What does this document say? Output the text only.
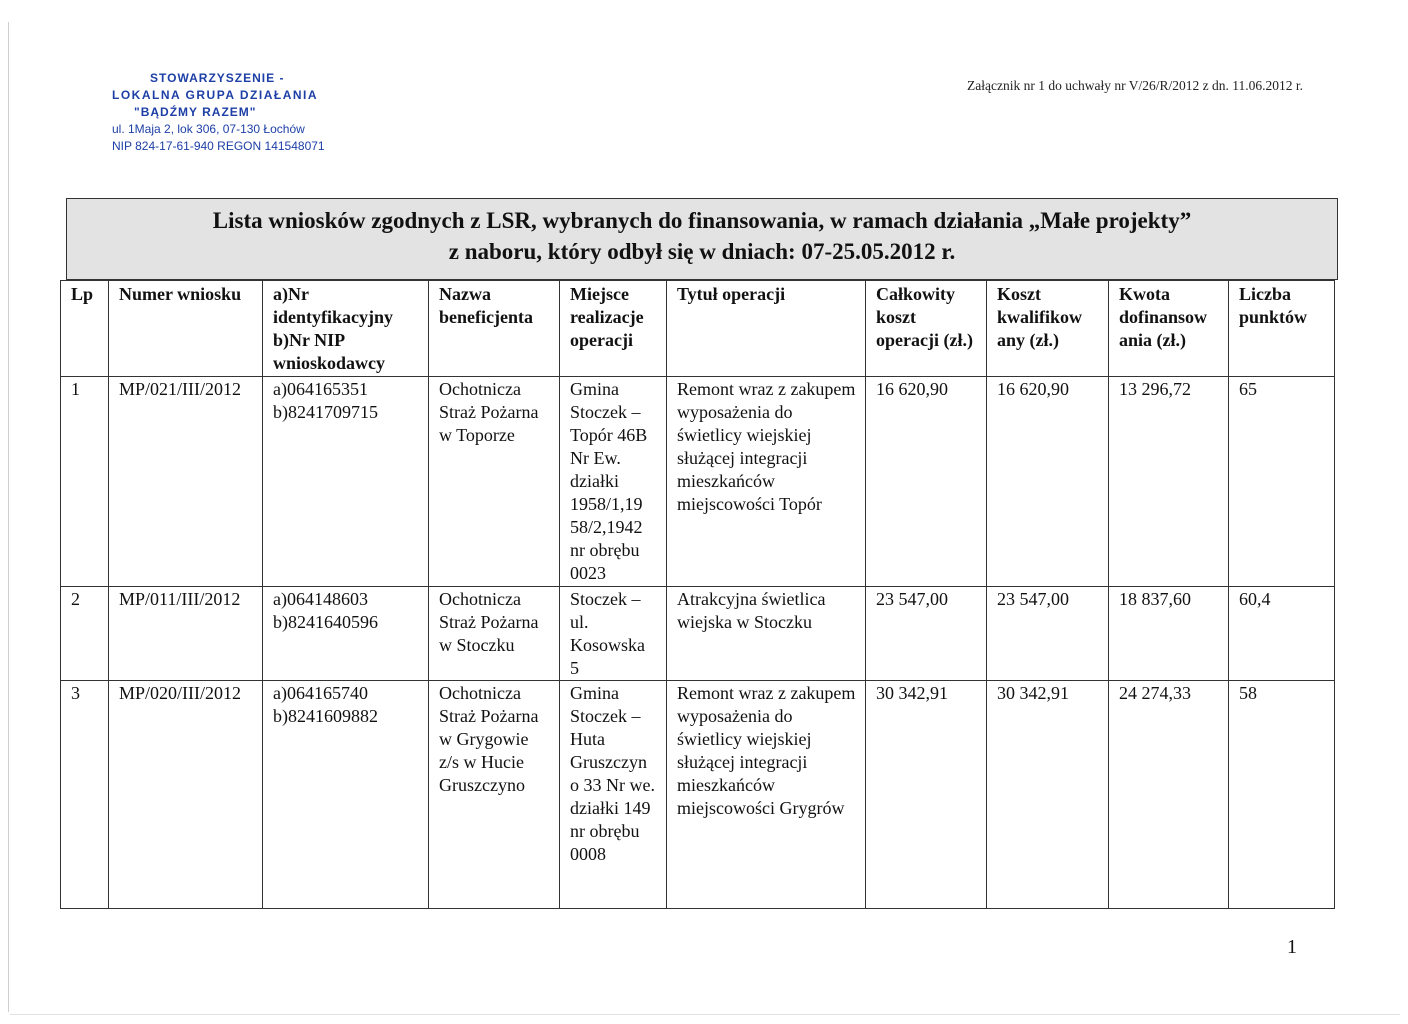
STOWARZYSZENIE -
LOKALNA GRUPA DZIAŁANIA
"BĄDŹMY RAZEM"
ul. 1Maja 2, lok 306, 07-130 Łochów
NIP 824-17-61-940 REGON 141548071
Załącznik nr 1 do uchwały nr V/26/R/2012 z dn. 11.06.2012 r.
Lista wniosków zgodnych z LSR, wybranych do finansowania, w ramach działania „Małe projekty”
z naboru, który odbył się w dniach: 07-25.05.2012 r.
Lp	Numer wniosku	a)Nr identyfikacyjny b)Nr NIP wnioskodawcy	Nazwa beneficjenta	Miejsce realizacje operacji	Tytuł operacji	Całkowity koszt operacji (zł.)	Koszt kwalifikow any (zł.)	Kwota dofinansow ania (zł.)	Liczba punktów
1	MP/021/III/2012	a)064165351 b)8241709715	Ochotnicza Straż Pożarna w Toporze	Gmina Stoczek – Topór 46B Nr Ew. działki 1958/1,19 58/2,1942 nr obrębu 0023	Remont wraz z zakupem wyposażenia do świetlicy wiejskiej służącej integracji mieszkańców miejscowości Topór	16 620,90	16 620,90	13 296,72	65
2	MP/011/III/2012	a)064148603 b)8241640596	Ochotnicza Straż Pożarna w Stoczku	Stoczek – ul. Kosowska 5	Atrakcyjna świetlica wiejska w Stoczku	23 547,00	23 547,00	18 837,60	60,4
3	MP/020/III/2012	a)064165740 b)8241609882	Ochotnicza Straż Pożarna w Grygowie z/s w Hucie Gruszczyno	Gmina Stoczek – Huta Gruszczyn o 33 Nr we. działki 149 nr obrębu 0008	Remont wraz z zakupem wyposażenia do świetlicy wiejskiej służącej integracji mieszkańców miejscowości Grygrów	30 342,91	30 342,91	24 274,33	58
1
